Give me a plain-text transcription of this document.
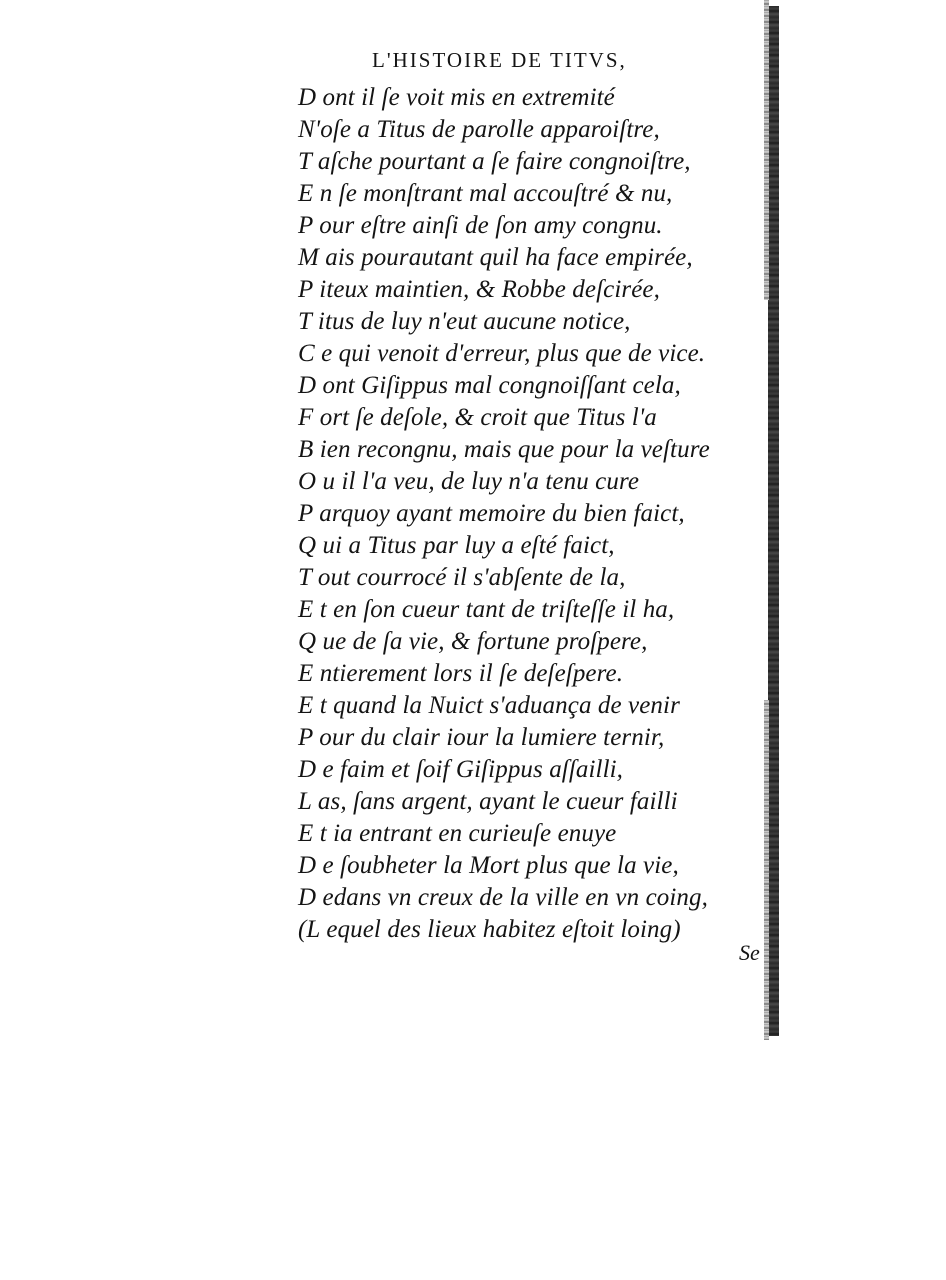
L'HISTOIRE DE TITVS,
D ont il ſe voit mis en extremité
N'oſe a Titus de parolle apparoiſtre,
T aſche pourtant a ſe faire congnoiſtre,
E n ſe monſtrant mal accouſtré & nu,
P our eſtre ainſi de ſon amy congnu.
M ais pourautant quil ha face empirée,
P iteux maintien, & Robbe deſcirée,
T itus de luy n'eut aucune notice,
C e qui venoit d'erreur, plus que de vice.
D ont Giſippus mal congnoiſſant cela,
F ort ſe deſole, & croit que Titus l'a
B ien recongnu, mais que pour la veſture
O u il l'a veu, de luy n'a tenu cure
P arquoy ayant memoire du bien faict,
Q ui a Titus par luy a eſté faict,
T out courrocé il s'abſente de la,
E t en ſon cueur tant de triſteſſe il ha,
Q ue de ſa vie, & fortune proſpere,
E ntierement lors il ſe deſeſpere.
E t quand la Nuict s'aduança de venir
P our du clair iour la lumiere ternir,
D e faim et ſoif Giſippus aſſailli,
L as, ſans argent, ayant le cueur failli
E t ia entrant en curieuſe enuye
D e ſoubheter la Mort plus que la vie,
D edans vn creux de la ville en vn coing,
(L equel des lieux habitez eſtoit loing)
Se
